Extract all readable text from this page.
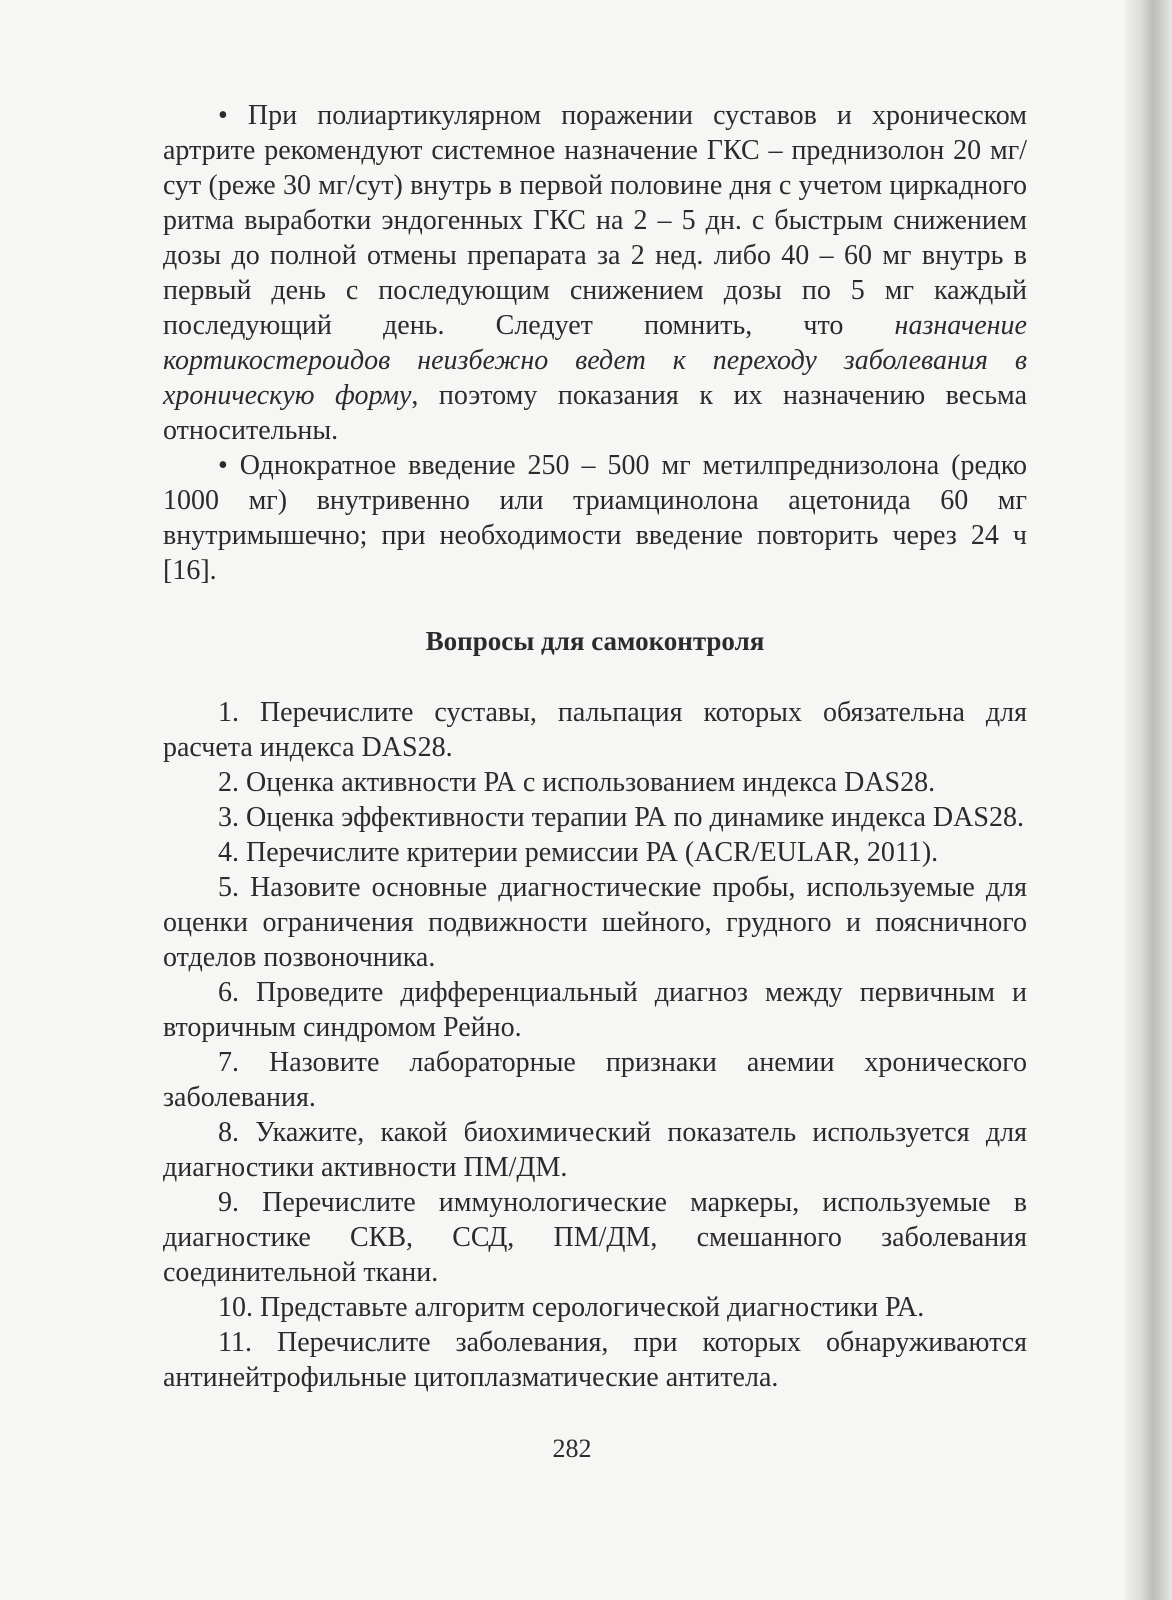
• При полиартикулярном поражении суставов и хроническом артрите рекомендуют системное назначение ГКС – преднизолон 20 мг/сут (реже 30 мг/сут) внутрь в первой половине дня с учетом циркадного ритма выработки эндогенных ГКС на 2 – 5 дн. с быстрым снижением дозы до полной отмены препарата за 2 нед. либо 40 – 60 мг внутрь в первый день с последующим снижением дозы по 5 мг каждый последующий день. Следует помнить, что назначение кортикостероидов неизбежно ведет к переходу заболевания в хроническую форму, поэтому показания к их назначению весьма относительны.

• Однократное введение 250 – 500 мг метилпреднизолона (редко 1000 мг) внутривенно или триамцинолона ацетонида 60 мг внутримышечно; при необходимости введение повторить через 24 ч [16].

Вопросы для самоконтроля
1. Перечислите суставы, пальпация которых обязательна для расчета индекса DAS28.
2. Оценка активности РА с использованием индекса DAS28.
3. Оценка эффективности терапии РА по динамике индекса DAS28.
4. Перечислите критерии ремиссии РА (ACR/EULAR, 2011).
5. Назовите основные диагностические пробы, используемые для оценки ограничения подвижности шейного, грудного и поясничного отделов позвоночника.
6. Проведите дифференциальный диагноз между первичным и вторичным синдромом Рейно.
7. Назовите лабораторные признаки анемии хронического заболевания.
8. Укажите, какой биохимический показатель используется для диагностики активности ПМ/ДМ.
9. Перечислите иммунологические маркеры, используемые в диагностике СКВ, ССД, ПМ/ДМ, смешанного заболевания соединительной ткани.
10. Представьте алгоритм серологической диагностики РА.
11. Перечислите заболевания, при которых обнаруживаются антинейтрофильные цитоплазматические антитела.
282
